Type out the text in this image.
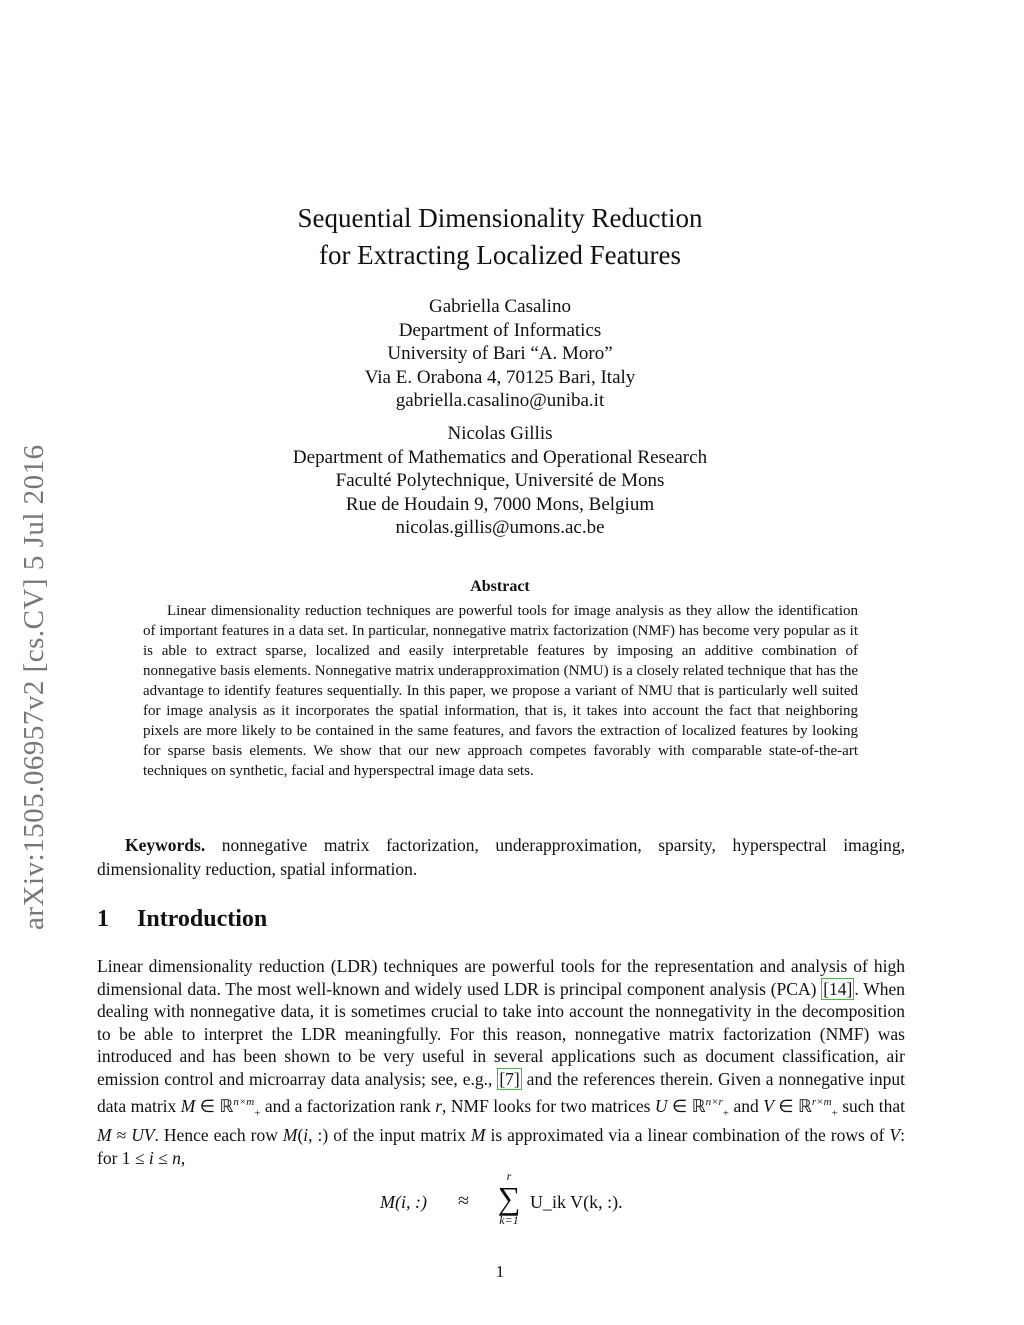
arXiv:1505.06957v2 [cs.CV] 5 Jul 2016
Sequential Dimensionality Reduction
for Extracting Localized Features
Gabriella Casalino
Department of Informatics
University of Bari “A. Moro”
Via E. Orabona 4, 70125 Bari, Italy
gabriella.casalino@uniba.it
Nicolas Gillis
Department of Mathematics and Operational Research
Faculté Polytechnique, Université de Mons
Rue de Houdain 9, 7000 Mons, Belgium
nicolas.gillis@umons.ac.be
Abstract

Linear dimensionality reduction techniques are powerful tools for image analysis as they allow the identification of important features in a data set. In particular, nonnegative matrix factorization (NMF) has become very popular as it is able to extract sparse, localized and easily interpretable features by imposing an additive combination of nonnegative basis elements. Nonnegative matrix underapproximation (NMU) is a closely related technique that has the advantage to identify features sequentially. In this paper, we propose a variant of NMU that is particularly well suited for image analysis as it incorporates the spatial information, that is, it takes into account the fact that neighboring pixels are more likely to be contained in the same features, and favors the extraction of localized features by looking for sparse basis elements. We show that our new approach competes favorably with comparable state-of-the-art techniques on synthetic, facial and hyperspectral image data sets.

Keywords. nonnegative matrix factorization, underapproximation, sparsity, hyperspectral imaging, dimensionality reduction, spatial information.

1 Introduction

Linear dimensionality reduction (LDR) techniques are powerful tools for the representation and analysis of high dimensional data. The most well-known and widely used LDR is principal component analysis (PCA) [14] . When dealing with nonnegative data, it is sometimes crucial to take into account the nonnegativity in the decomposition to be able to interpret the LDR meaningfully. For this reason, nonnegative matrix factorization (NMF) was introduced and has been shown to be very useful in several applications such as document classification, air emission control and microarray data analysis; see, e.g., [7] and the references therein. Given a nonnegative input data matrix M ∈ ℝ$^{n\times m}_+$ and a factorization rank r, NMF looks for two matrices U ∈ ℝ$^{n\times r}_+$ and V ∈ ℝ$^{r\times m}_+$ such that M ≈ UV. Hence each row M(i, :) of the input matrix M is approximated via a linear combination of the rows of V: for 1 ≤ i ≤ n,

M(i, :) ≈
r
∑
k=1
U_ik V(k, :).
1
